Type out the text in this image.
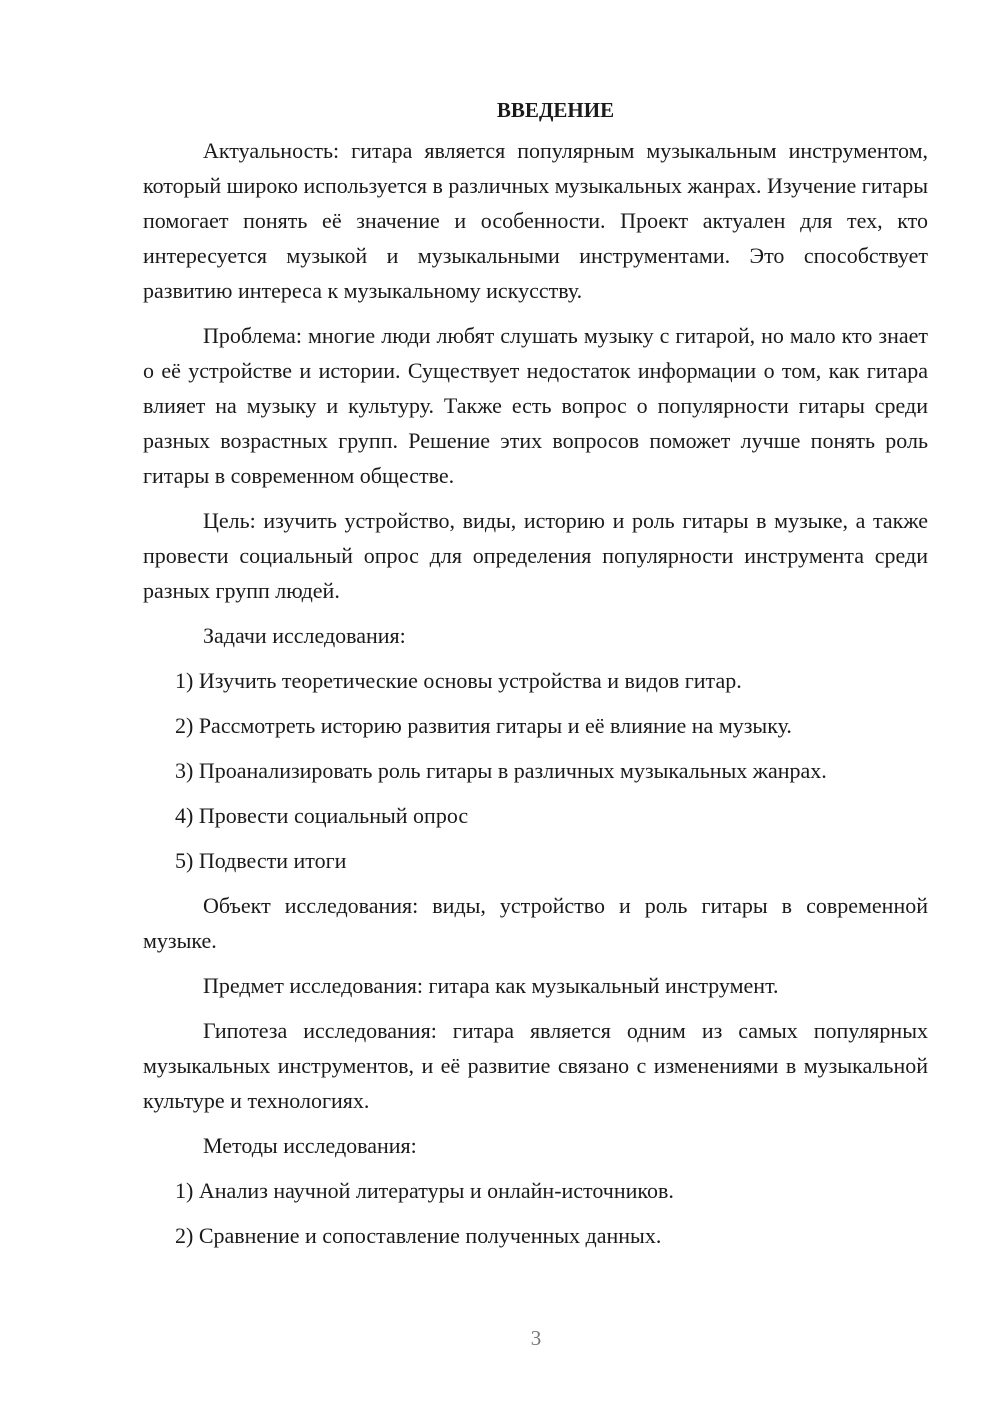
ВВЕДЕНИЕ

Актуальность: гитара является популярным музыкальным инструментом, который широко используется в различных музыкальных жанрах. Изучение гитары помогает понять её значение и особенности. Проект актуален для тех, кто интересуется музыкой и музыкальными инструментами. Это способствует развитию интереса к музыкальному искусству.

Проблема: многие люди любят слушать музыку с гитарой, но мало кто знает о её устройстве и истории. Существует недостаток информации о том, как гитара влияет на музыку и культуру. Также есть вопрос о популярности гитары среди разных возрастных групп. Решение этих вопросов поможет лучше понять роль гитары в современном обществе.

Цель: изучить устройство, виды, историю и роль гитары в музыке, а также провести социальный опрос для определения популярности инструмента среди разных групп людей.

Задачи исследования:
1) Изучить теоретические основы устройства и видов гитар.
2) Рассмотреть историю развития гитары и её влияние на музыку.
3) Проанализировать роль гитары в различных музыкальных жанрах.
4) Провести социальный опрос
5) Подвести итоги

Объект исследования: виды, устройство и роль гитары в современной музыке.

Предмет исследования: гитара как музыкальный инструмент.

Гипотеза исследования: гитара является одним из самых популярных музыкальных инструментов, и её развитие связано с изменениями в музыкальной культуре и технологиях.

Методы исследования:
1) Анализ научной литературы и онлайн-источников.
2) Сравнение и сопоставление полученных данных.
3
